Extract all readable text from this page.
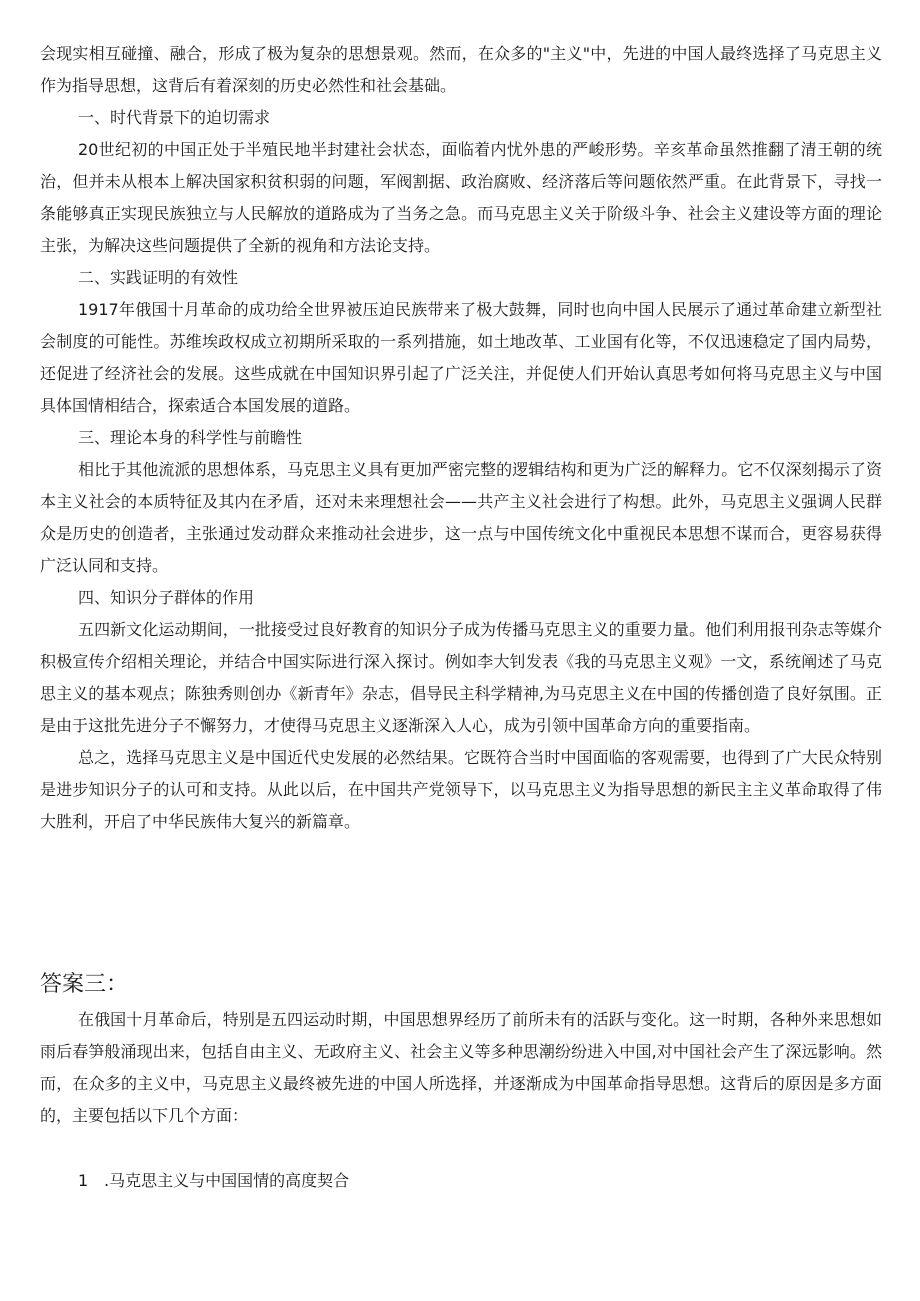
会现实相互碰撞、融合，形成了极为复杂的思想景观。然而，在众多的"主义"中，先进的中国人最终选择了马克思主义作为指导思想，这背后有着深刻的历史必然性和社会基础。

一、时代背景下的迫切需求

20世纪初的中国正处于半殖民地半封建社会状态，面临着内忧外患的严峻形势。辛亥革命虽然推翻了清王朝的统治，但并未从根本上解决国家积贫积弱的问题，军阀割据、政治腐败、经济落后等问题依然严重。在此背景下，寻找一条能够真正实现民族独立与人民解放的道路成为了当务之急。而马克思主义关于阶级斗争、社会主义建设等方面的理论主张，为解决这些问题提供了全新的视角和方法论支持。

二、实践证明的有效性

1917年俄国十月革命的成功给全世界被压迫民族带来了极大鼓舞，同时也向中国人民展示了通过革命建立新型社会制度的可能性。苏维埃政权成立初期所采取的一系列措施，如土地改革、工业国有化等，不仅迅速稳定了国内局势，还促进了经济社会的发展。这些成就在中国知识界引起了广泛关注，并促使人们开始认真思考如何将马克思主义与中国具体国情相结合，探索适合本国发展的道路。

三、理论本身的科学性与前瞻性

相比于其他流派的思想体系，马克思主义具有更加严密完整的逻辑结构和更为广泛的解释力。它不仅深刻揭示了资本主义社会的本质特征及其内在矛盾，还对未来理想社会——共产主义社会进行了构想。此外，马克思主义强调人民群众是历史的创造者，主张通过发动群众来推动社会进步，这一点与中国传统文化中重视民本思想不谋而合，更容易获得广泛认同和支持。

四、知识分子群体的作用

五四新文化运动期间，一批接受过良好教育的知识分子成为传播马克思主义的重要力量。他们利用报刊杂志等媒介积极宣传介绍相关理论，并结合中国实际进行深入探讨。例如李大钊发表《我的马克思主义观》一文，系统阐述了马克思主义的基本观点；陈独秀则创办《新青年》杂志，倡导民主科学精神,为马克思主义在中国的传播创造了良好氛围。正是由于这批先进分子不懈努力，才使得马克思主义逐渐深入人心，成为引领中国革命方向的重要指南。

总之，选择马克思主义是中国近代史发展的必然结果。它既符合当时中国面临的客观需要，也得到了广大民众特别是进步知识分子的认可和支持。从此以后，在中国共产党领导下，以马克思主义为指导思想的新民主主义革命取得了伟大胜利，开启了中华民族伟大复兴的新篇章。

答案三：

在俄国十月革命后，特别是五四运动时期，中国思想界经历了前所未有的活跃与变化。这一时期，各种外来思想如雨后春笋般涌现出来，包括自由主义、无政府主义、社会主义等多种思潮纷纷进入中国,对中国社会产生了深远影响。然而，在众多的主义中，马克思主义最终被先进的中国人所选择，并逐渐成为中国革命指导思想。这背后的原因是多方面的，主要包括以下几个方面：

1 .马克思主义与中国国情的高度契合
